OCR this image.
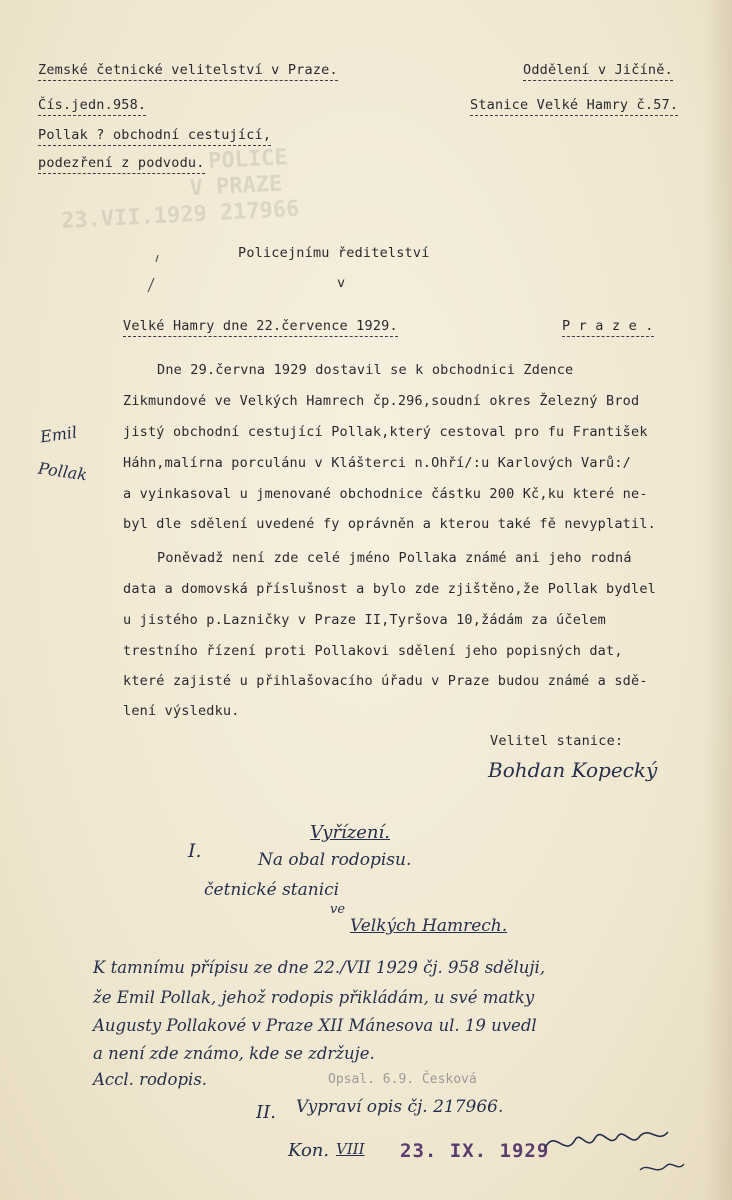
POLICE
V PRAZE
23.VII.1929 217966
Zemské četnické velitelství v Praze.
Čís.jedn.958.
Pollak ? obchodní cestující,
podezření z podvodu.
Oddělení v Jičíně.
Stanice Velké Hamry č.57.
Policejnímu ředitelství
v
Velké Hamry dne 22.července 1929.	P r a z e .
Dne 29.června 1929 dostavil se k obchodnici Zdence
Zikmundové ve Velkých Hamrech čp.296,soudní okres Železný Brod
jistý obchodní cestující Pollak,který cestoval pro fu František
Háhn,malírna porculánu v Klášterci n.Ohří/:u Karlových Varů:/
a vyinkasoval u jmenované obchodnice částku 200 Kč,ku které ne-
byl dle sdělení uvedené fy oprávněn a kterou také fě nevyplatil.
Poněvadž není zde celé jméno Pollaka známé ani jeho rodná
data a domovská příslušnost a bylo zde zjištěno,že Pollak bydlel
u jistého p.Lazničky v Praze II,Tyršova 10,žádám za účelem
trestního řízení proti Pollakovi sdělení jeho popisných dat,
které zajisté u přihlašovacího úřadu v Praze budou známé a sdě-
lení výsledku.
Emil
Pollak
Velitel stanice:
Bohdan Kopecký
Vyřízení.
I.	Na obal rodopisu.
četnické stanici
ve
Velkých Hamrech.
K tamnímu přípisu ze dne 22./VII 1929 čj. 958 sděluji,
že Emil Pollak, jehož rodopis přikládám, u své matky
Augusty Pollakové v Praze XII Mánesova ul. 19 uvedl
a není zde známo, kde se zdržuje.
Accl. rodopis.	Opsal. 6.9. Česková
II. Vypraví opis čj. 217966.
Kon. VIII 23. IX. 1929
